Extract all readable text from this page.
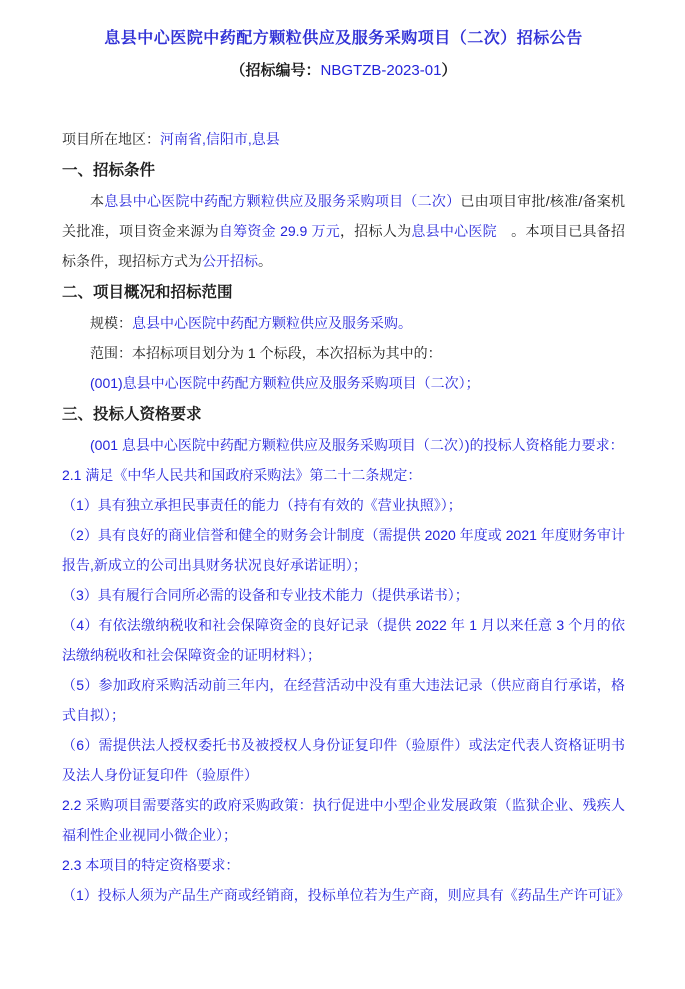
息县中心医院中药配方颗粒供应及服务采购项目（二次）招标公告

（招标编号：NBGTZB-2023-01）

项目所在地区：河南省,信阳市,息县

一、招标条件

本息县中心医院中药配方颗粒供应及服务采购项目（二次）已由项目审批/核准/备案机关批准，项目资金来源为自筹资金 29.9 万元，招标人为息县中心医院　。本项目已具备招标条件，现招标方式为公开招标。

二、项目概况和招标范围

规模：息县中心医院中药配方颗粒供应及服务采购。

范围：本招标项目划分为 1 个标段，本次招标为其中的：

(001)息县中心医院中药配方颗粒供应及服务采购项目（二次）；

三、投标人资格要求

(001 息县中心医院中药配方颗粒供应及服务采购项目（二次）)的投标人资格能力要求：

2.1 满足《中华人民共和国政府采购法》第二十二条规定：

（1）具有独立承担民事责任的能力（持有有效的《营业执照》）；

（2）具有良好的商业信誉和健全的财务会计制度（需提供 2020 年度或 2021 年度财务审计报告,新成立的公司出具财务状况良好承诺证明）；

（3）具有履行合同所必需的设备和专业技术能力（提供承诺书）；

（4）有依法缴纳税收和社会保障资金的良好记录（提供 2022 年 1 月以来任意 3 个月的依法缴纳税收和社会保障资金的证明材料）；

（5）参加政府采购活动前三年内，在经营活动中没有重大违法记录（供应商自行承诺，格式自拟）；

（6）需提供法人授权委托书及被授权人身份证复印件（验原件）或法定代表人资格证明书及法人身份证复印件（验原件）

2.2 采购项目需要落实的政府采购政策：执行促进中小型企业发展政策（监狱企业、残疾人福利性企业视同小微企业）；

2.3 本项目的特定资格要求：

（1）投标人须为产品生产商或经销商，投标单位若为生产商，则应具有《药品生产许可证》
